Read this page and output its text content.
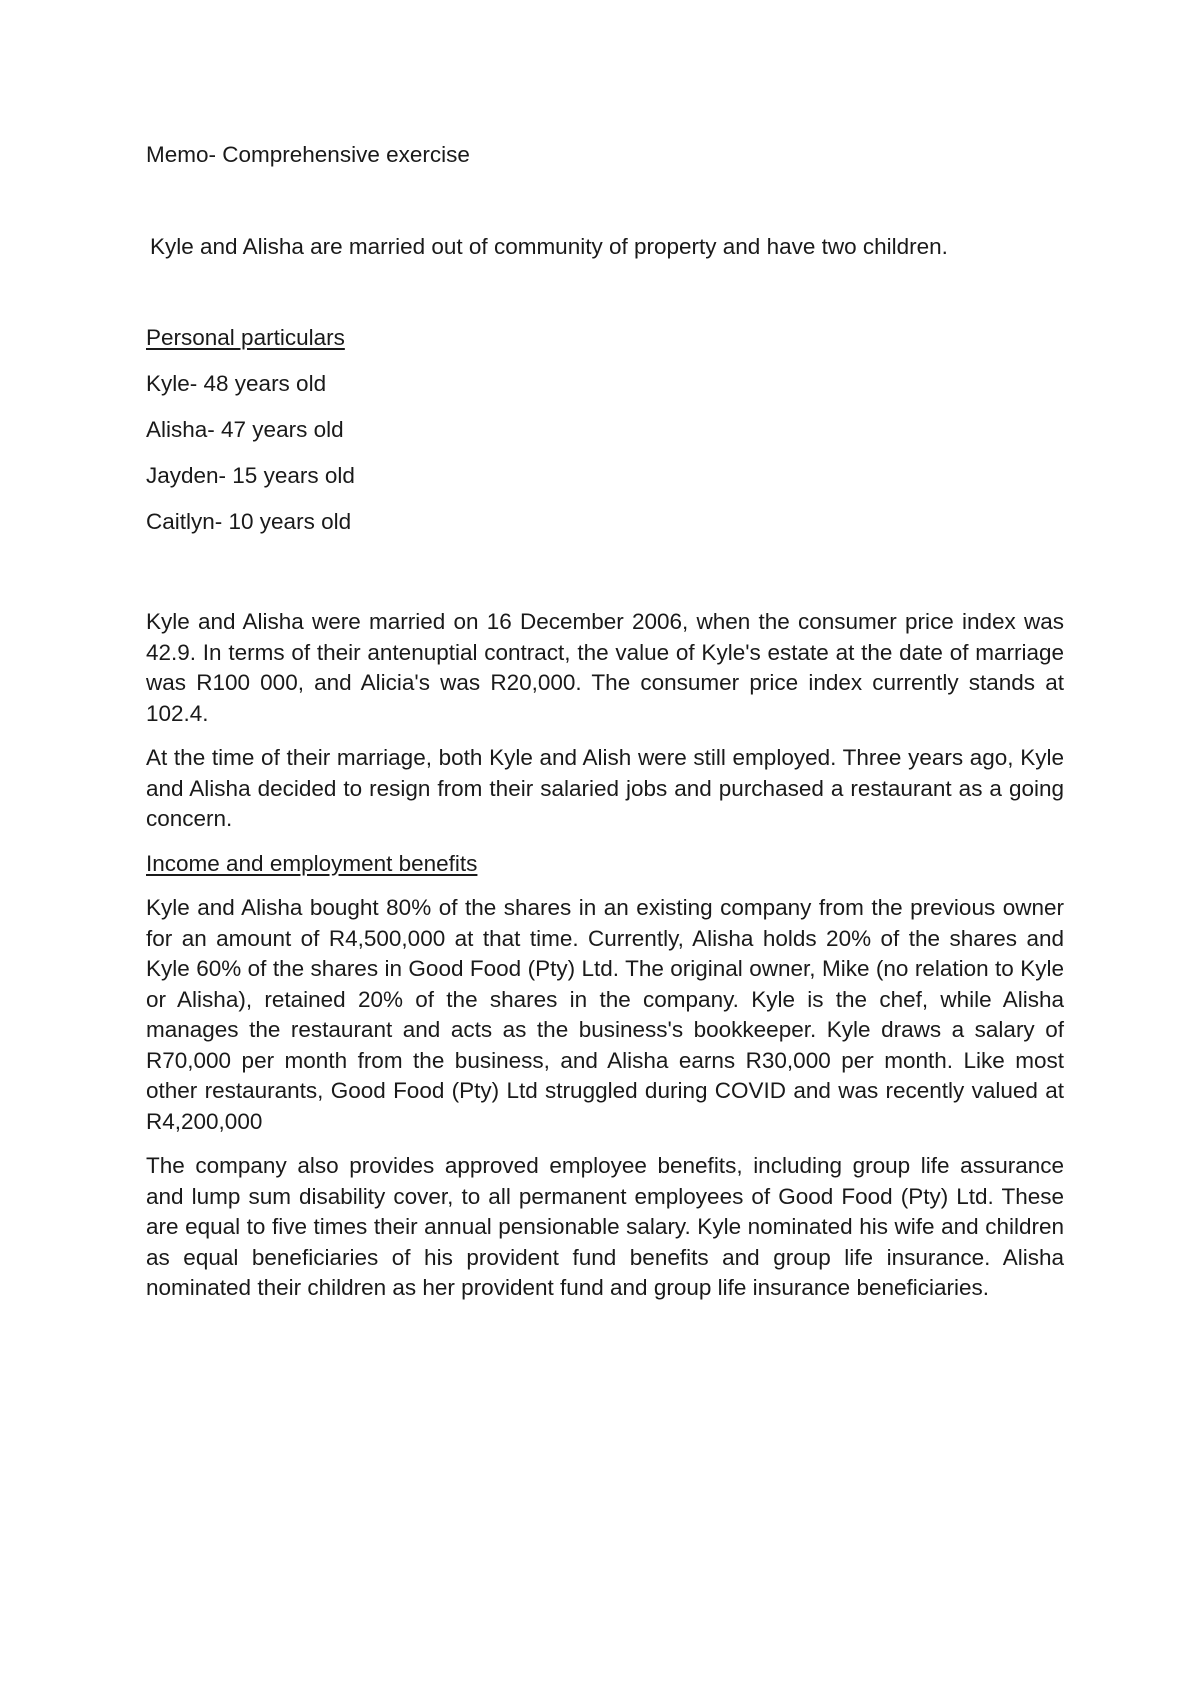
Memo- Comprehensive exercise

Kyle and Alisha are married out of community of property and have two children.

Personal particulars
Kyle- 48 years old
Alisha- 47 years old
Jayden- 15 years old
Caitlyn- 10 years old

Kyle and Alisha were married on 16 December 2006, when the consumer price index was 42.9. In terms of their antenuptial contract, the value of Kyle's estate at the date of marriage was R100 000, and Alicia's was R20,000. The consumer price index currently stands at 102.4.

At the time of their marriage, both Kyle and Alish were still employed. Three years ago, Kyle and Alisha decided to resign from their salaried jobs and purchased a restaurant as a going concern.

Income and employment benefits

Kyle and Alisha bought 80% of the shares in an existing company from the previous owner for an amount of R4,500,000 at that time. Currently, Alisha holds 20% of the shares and Kyle 60% of the shares in Good Food (Pty) Ltd. The original owner, Mike (no relation to Kyle or Alisha), retained 20% of the shares in the company. Kyle is the chef, while Alisha manages the restaurant and acts as the business's bookkeeper. Kyle draws a salary of R70,000 per month from the business, and Alisha earns R30,000 per month. Like most other restaurants, Good Food (Pty) Ltd struggled during COVID and was recently valued at R4,200,000

The company also provides approved employee benefits, including group life assurance and lump sum disability cover, to all permanent employees of Good Food (Pty) Ltd. These are equal to five times their annual pensionable salary. Kyle nominated his wife and children as equal beneficiaries of his provident fund benefits and group life insurance. Alisha nominated their children as her provident fund and group life insurance beneficiaries.
